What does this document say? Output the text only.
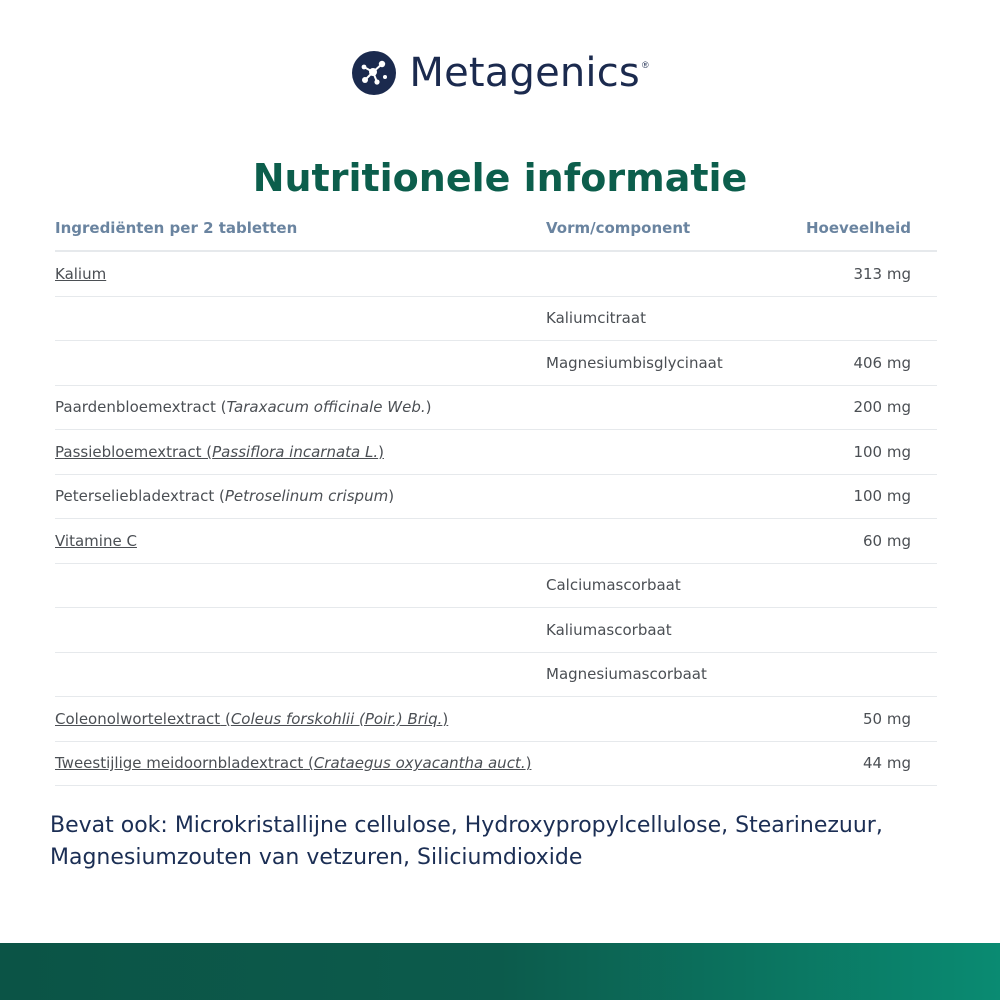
Metagenics ®
Nutritionele informatie
Ingrediënten per 2 tabletten	Vorm/component	Hoeveelheid
Kalium		313 mg
	Kaliumcitraat	
	Magnesiumbisglycinaat	406 mg
Paardenbloemextract (Taraxacum officinale Web.)		200 mg
Passiebloemextract (Passiflora incarnata L.)		100 mg
Peterseliebladextract (Petroselinum crispum)		100 mg
Vitamine C		60 mg
	Calciumascorbaat	
	Kaliumascorbaat	
	Magnesiumascorbaat	
Coleonolwortelextract (Coleus forskohlii (Poir.) Briq.)		50 mg
Tweestijlige meidoornbladextract (Crataegus oxyacantha auct.)		44 mg

Bevat ook: Microkristallijne cellulose, Hydroxypropylcellulose, Stearinezuur, Magnesiumzouten van vetzuren, Siliciumdioxide
